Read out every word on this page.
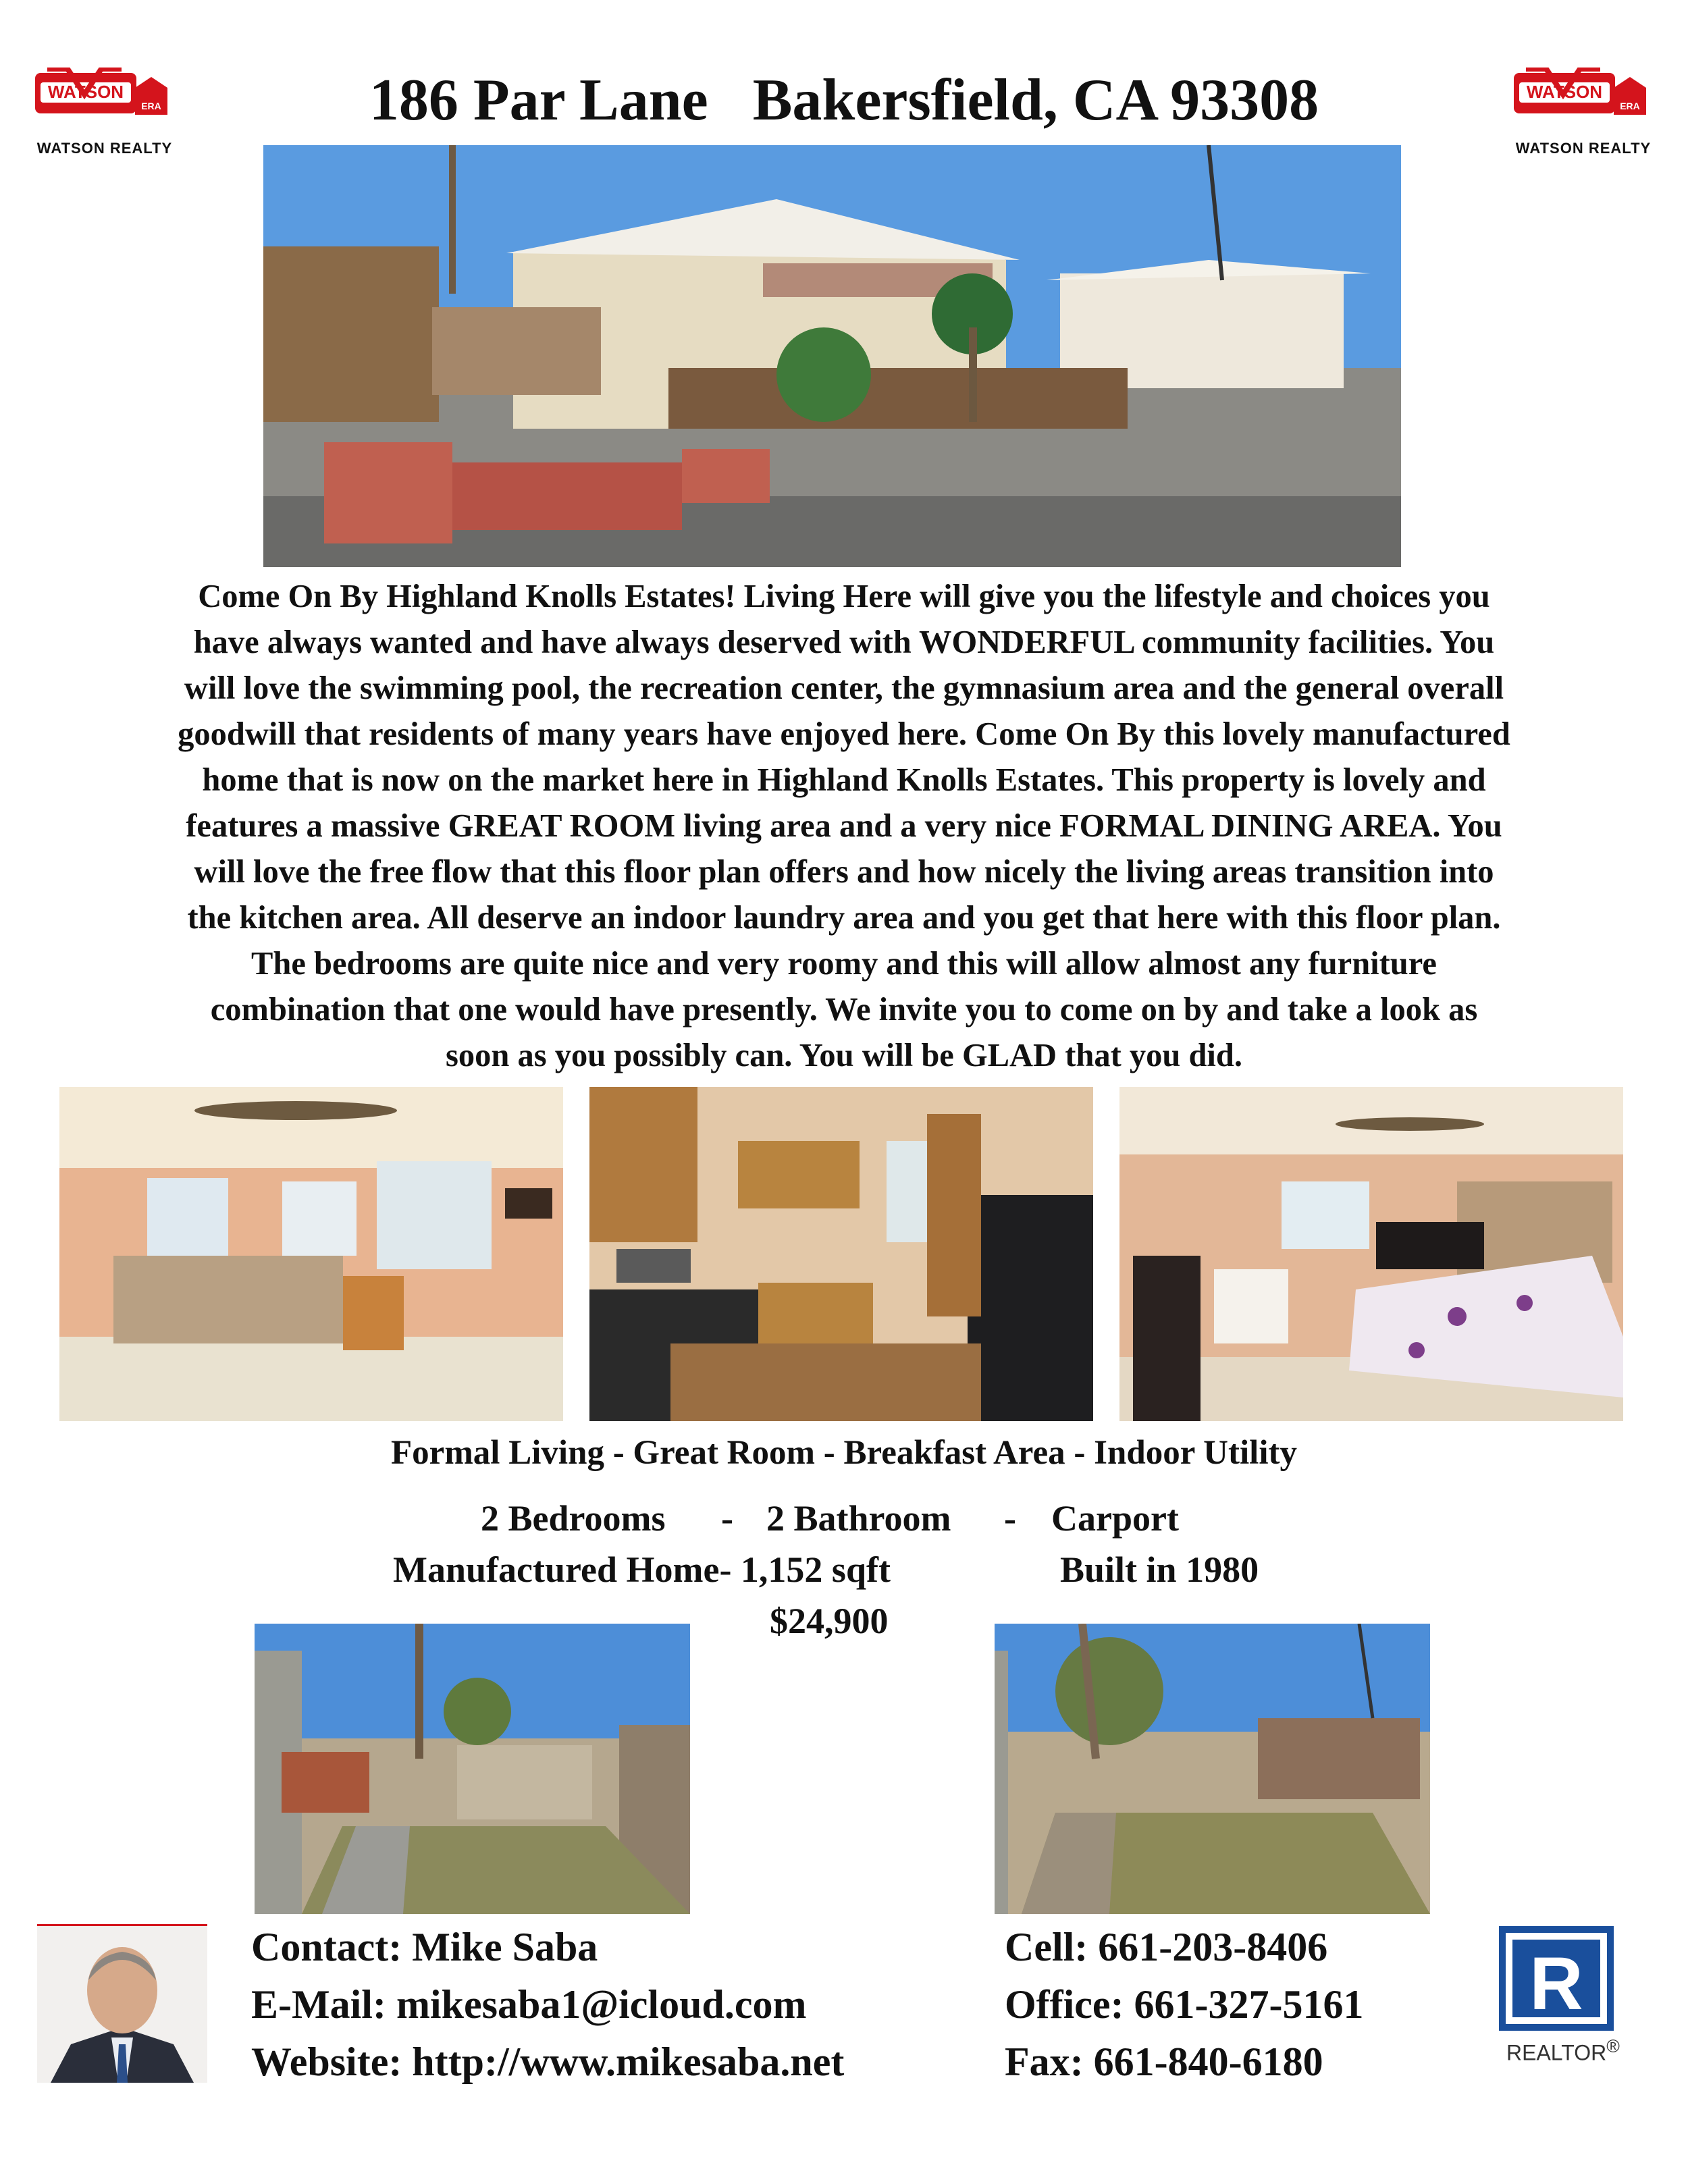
WATSON
ERA
WATSON REALTY
WATSON
ERA
WATSON REALTY
186 Par Lane   Bakersfield, CA 93308
Come On By Highland Knolls Estates! Living Here will give you the lifestyle and choices you
have always wanted and have always deserved with WONDERFUL community facilities. You
will love the swimming pool, the recreation center, the gymnasium area and the general overall
goodwill that residents of many years have enjoyed here. Come On By this lovely manufactured
home that is now on the market here in Highland Knolls Estates. This property is lovely and
features a massive GREAT ROOM living area and a very nice FORMAL DINING AREA. You
will love the free flow that this floor plan offers and how nicely the living areas transition into
the kitchen area. All deserve an indoor laundry area and you get that here with this floor plan.
The bedrooms are quite nice and very roomy and this will allow almost any furniture
combination that one would have presently. We invite you to come on by and take a look as
soon as you possibly can. You will be GLAD that you did.
Formal Living - Great Room - Breakfast Area - Indoor Utility
2 Bedrooms - 2 Bathroom - Carport
Manufactured Home- 1,152 sqft	Built in 1980
$24,900
Contact: Mike Saba
E-Mail: mikesaba1@icloud.com
Website: http://www.mikesaba.net
Cell: 661-203-8406
Office: 661-327-5161
Fax: 661-840-6180
R
REALTOR®
